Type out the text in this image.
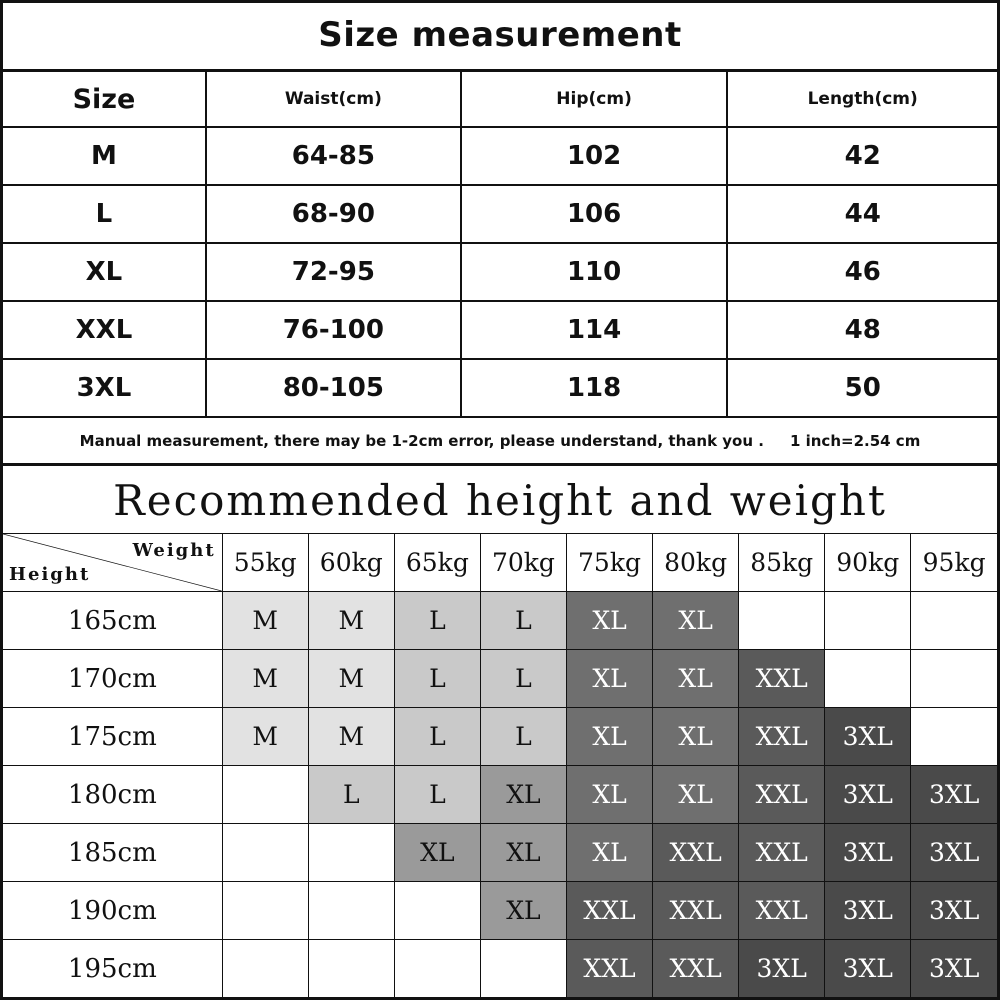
Size measurement
Size	Waist(cm)	Hip(cm)	Length(cm)
M	64-85	102	42
L	68-90	106	44
XL	72-95	110	46
XXL	76-100	114	48
3XL	80-105	118	50
Manual measurement, there may be 1-2cm error, please understand, thank you . 1 inch=2.54 cm
Recommended height and weight
Weight
Height	55kg	60kg	65kg	70kg	75kg	80kg	85kg	90kg	95kg
165cm	M	M	L	L	XL	XL			
170cm	M	M	L	L	XL	XL	XXL		
175cm	M	M	L	L	XL	XL	XXL	3XL	
180cm		L	L	XL	XL	XL	XXL	3XL	3XL
185cm			XL	XL	XL	XXL	XXL	3XL	3XL
190cm				XL	XXL	XXL	XXL	3XL	3XL
195cm					XXL	XXL	3XL	3XL	3XL
